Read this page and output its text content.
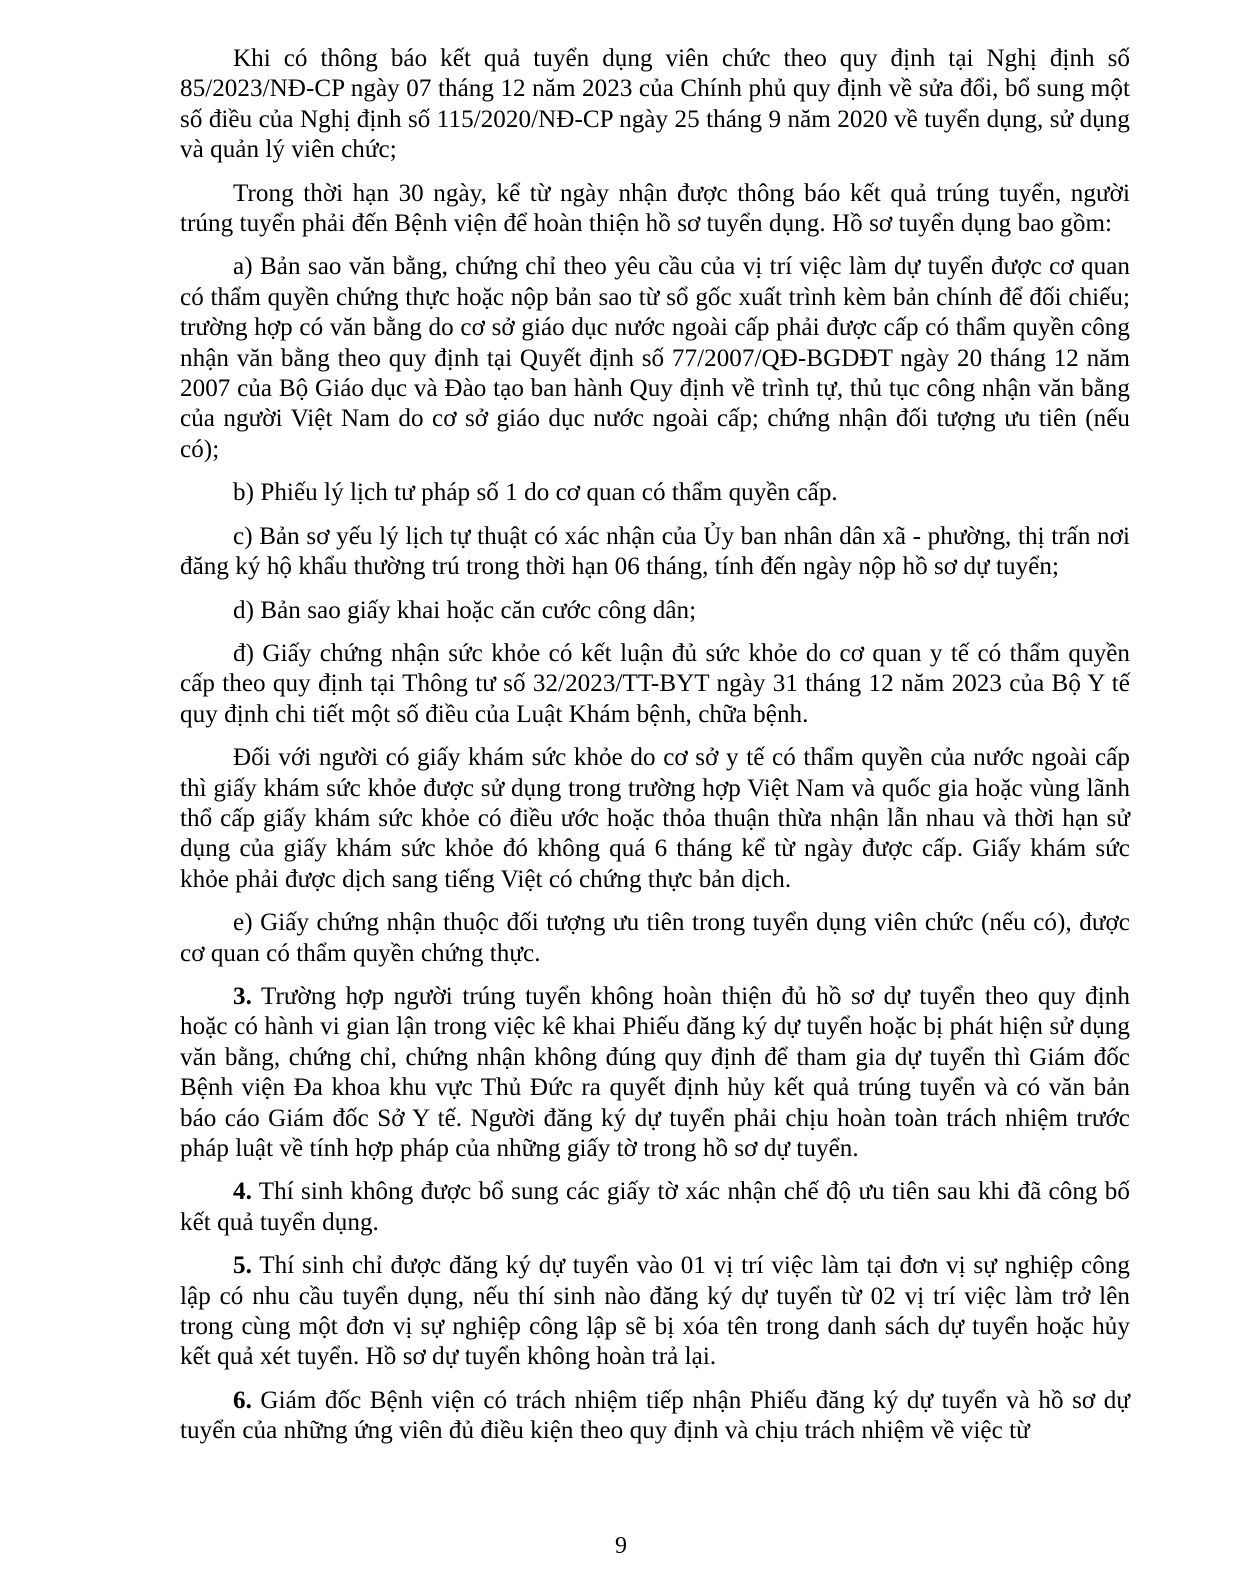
Khi có thông báo kết quả tuyển dụng viên chức theo quy định tại Nghị định số 85/2023/NĐ-CP ngày 07 tháng 12 năm 2023 của Chính phủ quy định về sửa đổi, bổ sung một số điều của Nghị định số 115/2020/NĐ-CP ngày 25 tháng 9 năm 2020 về tuyển dụng, sử dụng và quản lý viên chức;

Trong thời hạn 30 ngày, kể từ ngày nhận được thông báo kết quả trúng tuyển, người trúng tuyển phải đến Bệnh viện để hoàn thiện hồ sơ tuyển dụng. Hồ sơ tuyển dụng bao gồm:

a) Bản sao văn bằng, chứng chỉ theo yêu cầu của vị trí việc làm dự tuyển được cơ quan có thẩm quyền chứng thực hoặc nộp bản sao từ sổ gốc xuất trình kèm bản chính để đối chiếu; trường hợp có văn bằng do cơ sở giáo dục nước ngoài cấp phải được cấp có thẩm quyền công nhận văn bằng theo quy định tại Quyết định số 77/2007/QĐ-BGDĐT ngày 20 tháng 12 năm 2007 của Bộ Giáo dục và Đào tạo ban hành Quy định về trình tự, thủ tục công nhận văn bằng của người Việt Nam do cơ sở giáo dục nước ngoài cấp; chứng nhận đối tượng ưu tiên (nếu có);

b) Phiếu lý lịch tư pháp số 1 do cơ quan có thẩm quyền cấp.

c) Bản sơ yếu lý lịch tự thuật có xác nhận của Ủy ban nhân dân xã - phường, thị trấn nơi đăng ký hộ khẩu thường trú trong thời hạn 06 tháng, tính đến ngày nộp hồ sơ dự tuyển;

d) Bản sao giấy khai hoặc căn cước công dân;

đ) Giấy chứng nhận sức khỏe có kết luận đủ sức khỏe do cơ quan y tế có thẩm quyền cấp theo quy định tại Thông tư số 32/2023/TT-BYT ngày 31 tháng 12 năm 2023 của Bộ Y tế quy định chi tiết một số điều của Luật Khám bệnh, chữa bệnh.

Đối với người có giấy khám sức khỏe do cơ sở y tế có thẩm quyền của nước ngoài cấp thì giấy khám sức khỏe được sử dụng trong trường hợp Việt Nam và quốc gia hoặc vùng lãnh thổ cấp giấy khám sức khỏe có điều ước hoặc thỏa thuận thừa nhận lẫn nhau và thời hạn sử dụng của giấy khám sức khỏe đó không quá 6 tháng kể từ ngày được cấp. Giấy khám sức khỏe phải được dịch sang tiếng Việt có chứng thực bản dịch.

e) Giấy chứng nhận thuộc đối tượng ưu tiên trong tuyển dụng viên chức (nếu có), được cơ quan có thẩm quyền chứng thực.

3. Trường hợp người trúng tuyển không hoàn thiện đủ hồ sơ dự tuyển theo quy định hoặc có hành vi gian lận trong việc kê khai Phiếu đăng ký dự tuyển hoặc bị phát hiện sử dụng văn bằng, chứng chỉ, chứng nhận không đúng quy định để tham gia dự tuyển thì Giám đốc Bệnh viện Đa khoa khu vực Thủ Đức ra quyết định hủy kết quả trúng tuyển và có văn bản báo cáo Giám đốc Sở Y tế. Người đăng ký dự tuyển phải chịu hoàn toàn trách nhiệm trước pháp luật về tính hợp pháp của những giấy tờ trong hồ sơ dự tuyển.

4. Thí sinh không được bổ sung các giấy tờ xác nhận chế độ ưu tiên sau khi đã công bố kết quả tuyển dụng.

5. Thí sinh chỉ được đăng ký dự tuyển vào 01 vị trí việc làm tại đơn vị sự nghiệp công lập có nhu cầu tuyển dụng, nếu thí sinh nào đăng ký dự tuyển từ 02 vị trí việc làm trở lên trong cùng một đơn vị sự nghiệp công lập sẽ bị xóa tên trong danh sách dự tuyển hoặc hủy kết quả xét tuyển. Hồ sơ dự tuyển không hoàn trả lại.

6. Giám đốc Bệnh viện có trách nhiệm tiếp nhận Phiếu đăng ký dự tuyển và hồ sơ dự tuyển của những ứng viên đủ điều kiện theo quy định và chịu trách nhiệm về việc từ

9
